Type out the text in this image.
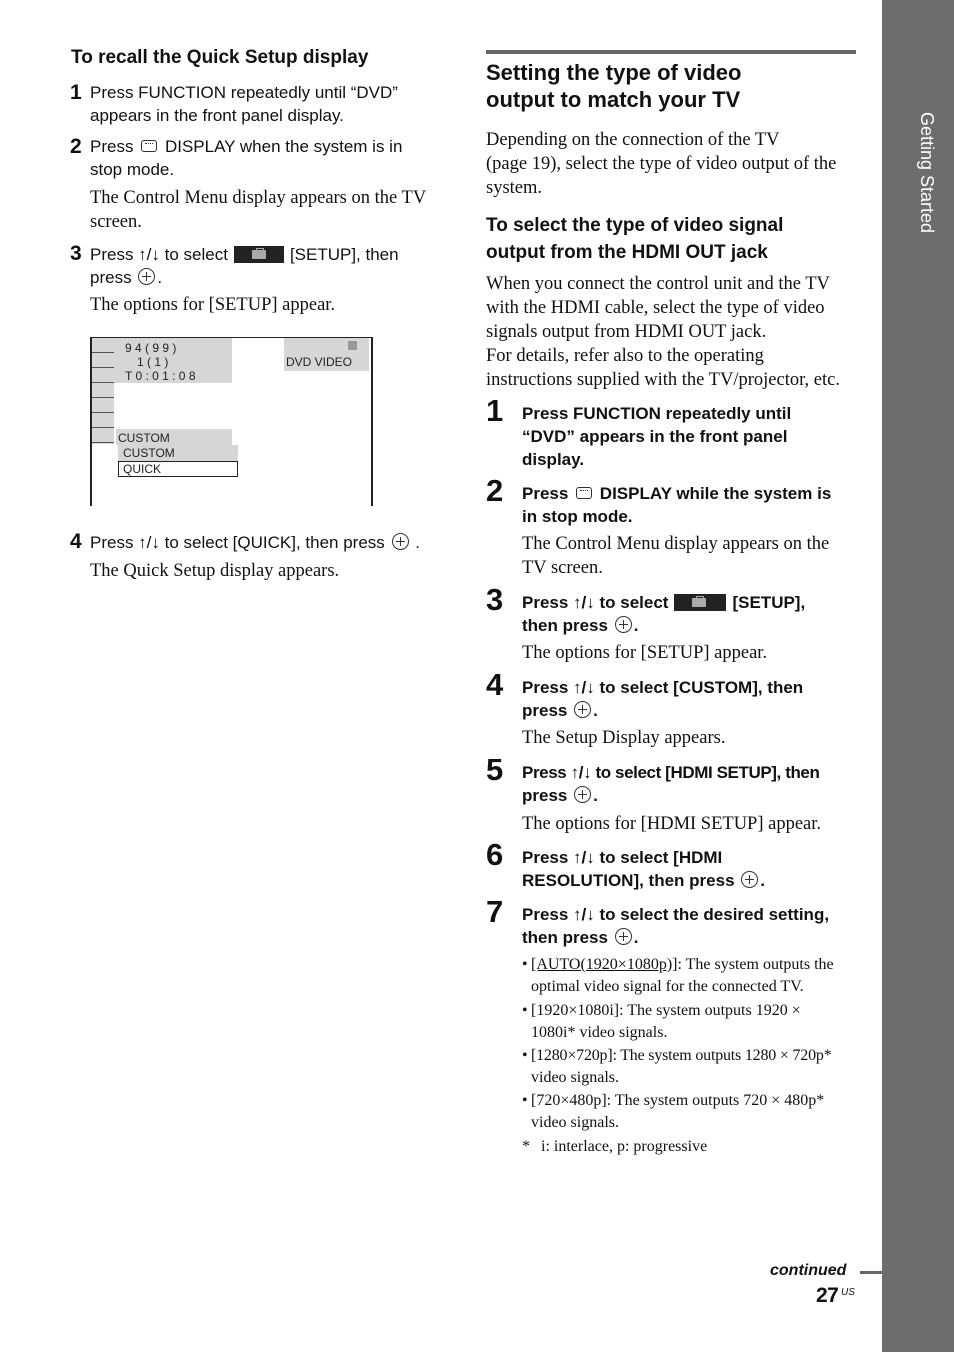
Getting Started
To recall the Quick Setup display
1 Press FUNCTION repeatedly until “DVD”
appears in the front panel display.
2 Press DISPLAY when the system is in
stop mode.
The Control Menu display appears on the TV
screen.
3 Press ↑/↓ to select	[SETUP], then
press .
The options for [SETUP] appear.
9 4 ( 9 9 )
1 ( 1 )
T 0 : 0 1 : 0 8
DVD VIDEO
CUSTOM
CUSTOM
QUICK
4 Press ↑/↓ to select [QUICK], then press .
The Quick Setup display appears.
Setting the type of video
output to match your TV
Depending on the connection of the TV
(page 19), select the type of video output of the
system.
To select the type of video signal
output from the HDMI OUT jack
When you connect the control unit and the TV
with the HDMI cable, select the type of video
signals output from HDMI OUT jack.
For details, refer also to the operating
instructions supplied with the TV/projector, etc.
1 Press FUNCTION repeatedly until
“DVD” appears in the front panel
display.
2 Press DISPLAY while the system is
in stop mode.
The Control Menu display appears on the
TV screen.
3 Press ↑/↓ to select	[SETUP],
then press .
The options for [SETUP] appear.
4 Press ↑/↓ to select [CUSTOM], then
press .
The Setup Display appears.
5 Press ↑/↓ to select [HDMI SETUP], then
press .
The options for [HDMI SETUP] appear.
6 Press ↑/↓ to select [HDMI
RESOLUTION], then press .
7 Press ↑/↓ to select the desired setting,
then press .
• [AUTO(1920×1080p)]: The system outputs the
optimal video signal for the connected TV.
• [1920×1080i]: The system outputs 1920 ×
1080i* video signals.
• [1280×720p]: The system outputs 1280 × 720p*
video signals.
• [720×480p]: The system outputs 720 × 480p*
video signals.
* i: interlace, p: progressive
continued
27 US
